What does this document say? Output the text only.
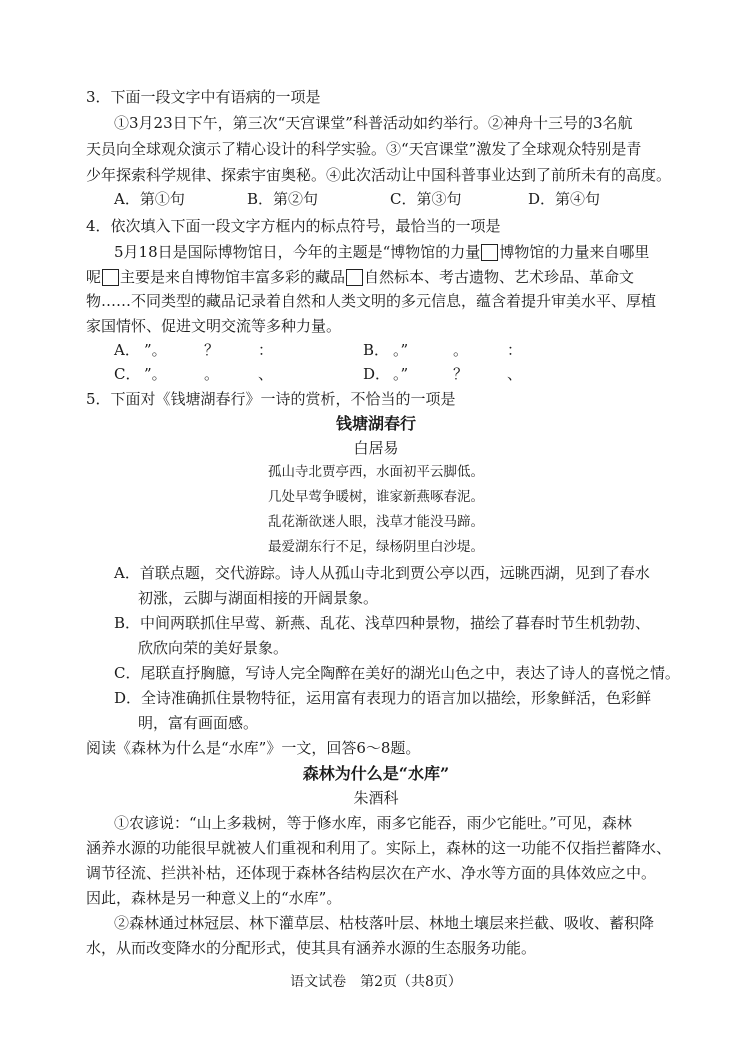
3．下面一段文字中有语病的一项是
①3月23日下午，第三次“天宫课堂”科普活动如约举行。②神舟十三号的3名航
天员向全球观众演示了精心设计的科学实验。③“天宫课堂”激发了全球观众特别是青
少年探索科学规律、探索宇宙奥秘。④此次活动让中国科普事业达到了前所未有的高度。
A．第①句	B．第②句	C．第③句	D．第④句
4．依次填入下面一段文字方框内的标点符号，最恰当的一项是
5月18日是国际博物馆日，今年的主题是“博物馆的力量 博物馆的力量来自哪里
呢 主要是来自博物馆丰富多彩的藏品 自然标本、考古遗物、艺术珍品、革命文
物……不同类型的藏品记录着自然和人类文明的多元信息，蕴含着提升审美水平、厚植
家国情怀、促进文明交流等多种力量。
A． ”。 ？	：	B． 。”	。	：
C． ”。 。	、	D． 。”	？	、
5．下面对《钱塘湖春行》一诗的赏析，不恰当的一项是
钱塘湖春行
白居易
孤山寺北贾亭西，水面初平云脚低。
几处早莺争暖树，谁家新燕啄春泥。
乱花渐欲迷人眼，浅草才能没马蹄。
最爱湖东行不足，绿杨阴里白沙堤。
A．首联点题，交代游踪。诗人从孤山寺北到贾公亭以西，远眺西湖，见到了春水
初涨，云脚与湖面相接的开阔景象。
B．中间两联抓住早莺、新燕、乱花、浅草四种景物，描绘了暮春时节生机勃勃、
欣欣向荣的美好景象。
C．尾联直抒胸臆，写诗人完全陶醉在美好的湖光山色之中，表达了诗人的喜悦之情。
D．全诗准确抓住景物特征，运用富有表现力的语言加以描绘，形象鲜活，色彩鲜
明，富有画面感。
阅读《森林为什么是“水库”》一文，回答6～8题。
森林为什么是“水库”
朱酒科
①农谚说：“山上多栽树，等于修水库，雨多它能吞，雨少它能吐。”可见，森林
涵养水源的功能很早就被人们重视和利用了。实际上，森林的这一功能不仅指拦蓄降水、
调节径流、拦洪补枯，还体现于森林各结构层次在产水、净水等方面的具体效应之中。
因此，森林是另一种意义上的“水库”。
②森林通过林冠层、林下灌草层、枯枝落叶层、林地土壤层来拦截、吸收、蓄积降
水，从而改变降水的分配形式，使其具有涵养水源的生态服务功能。
语文试卷　第2页（共8页）
